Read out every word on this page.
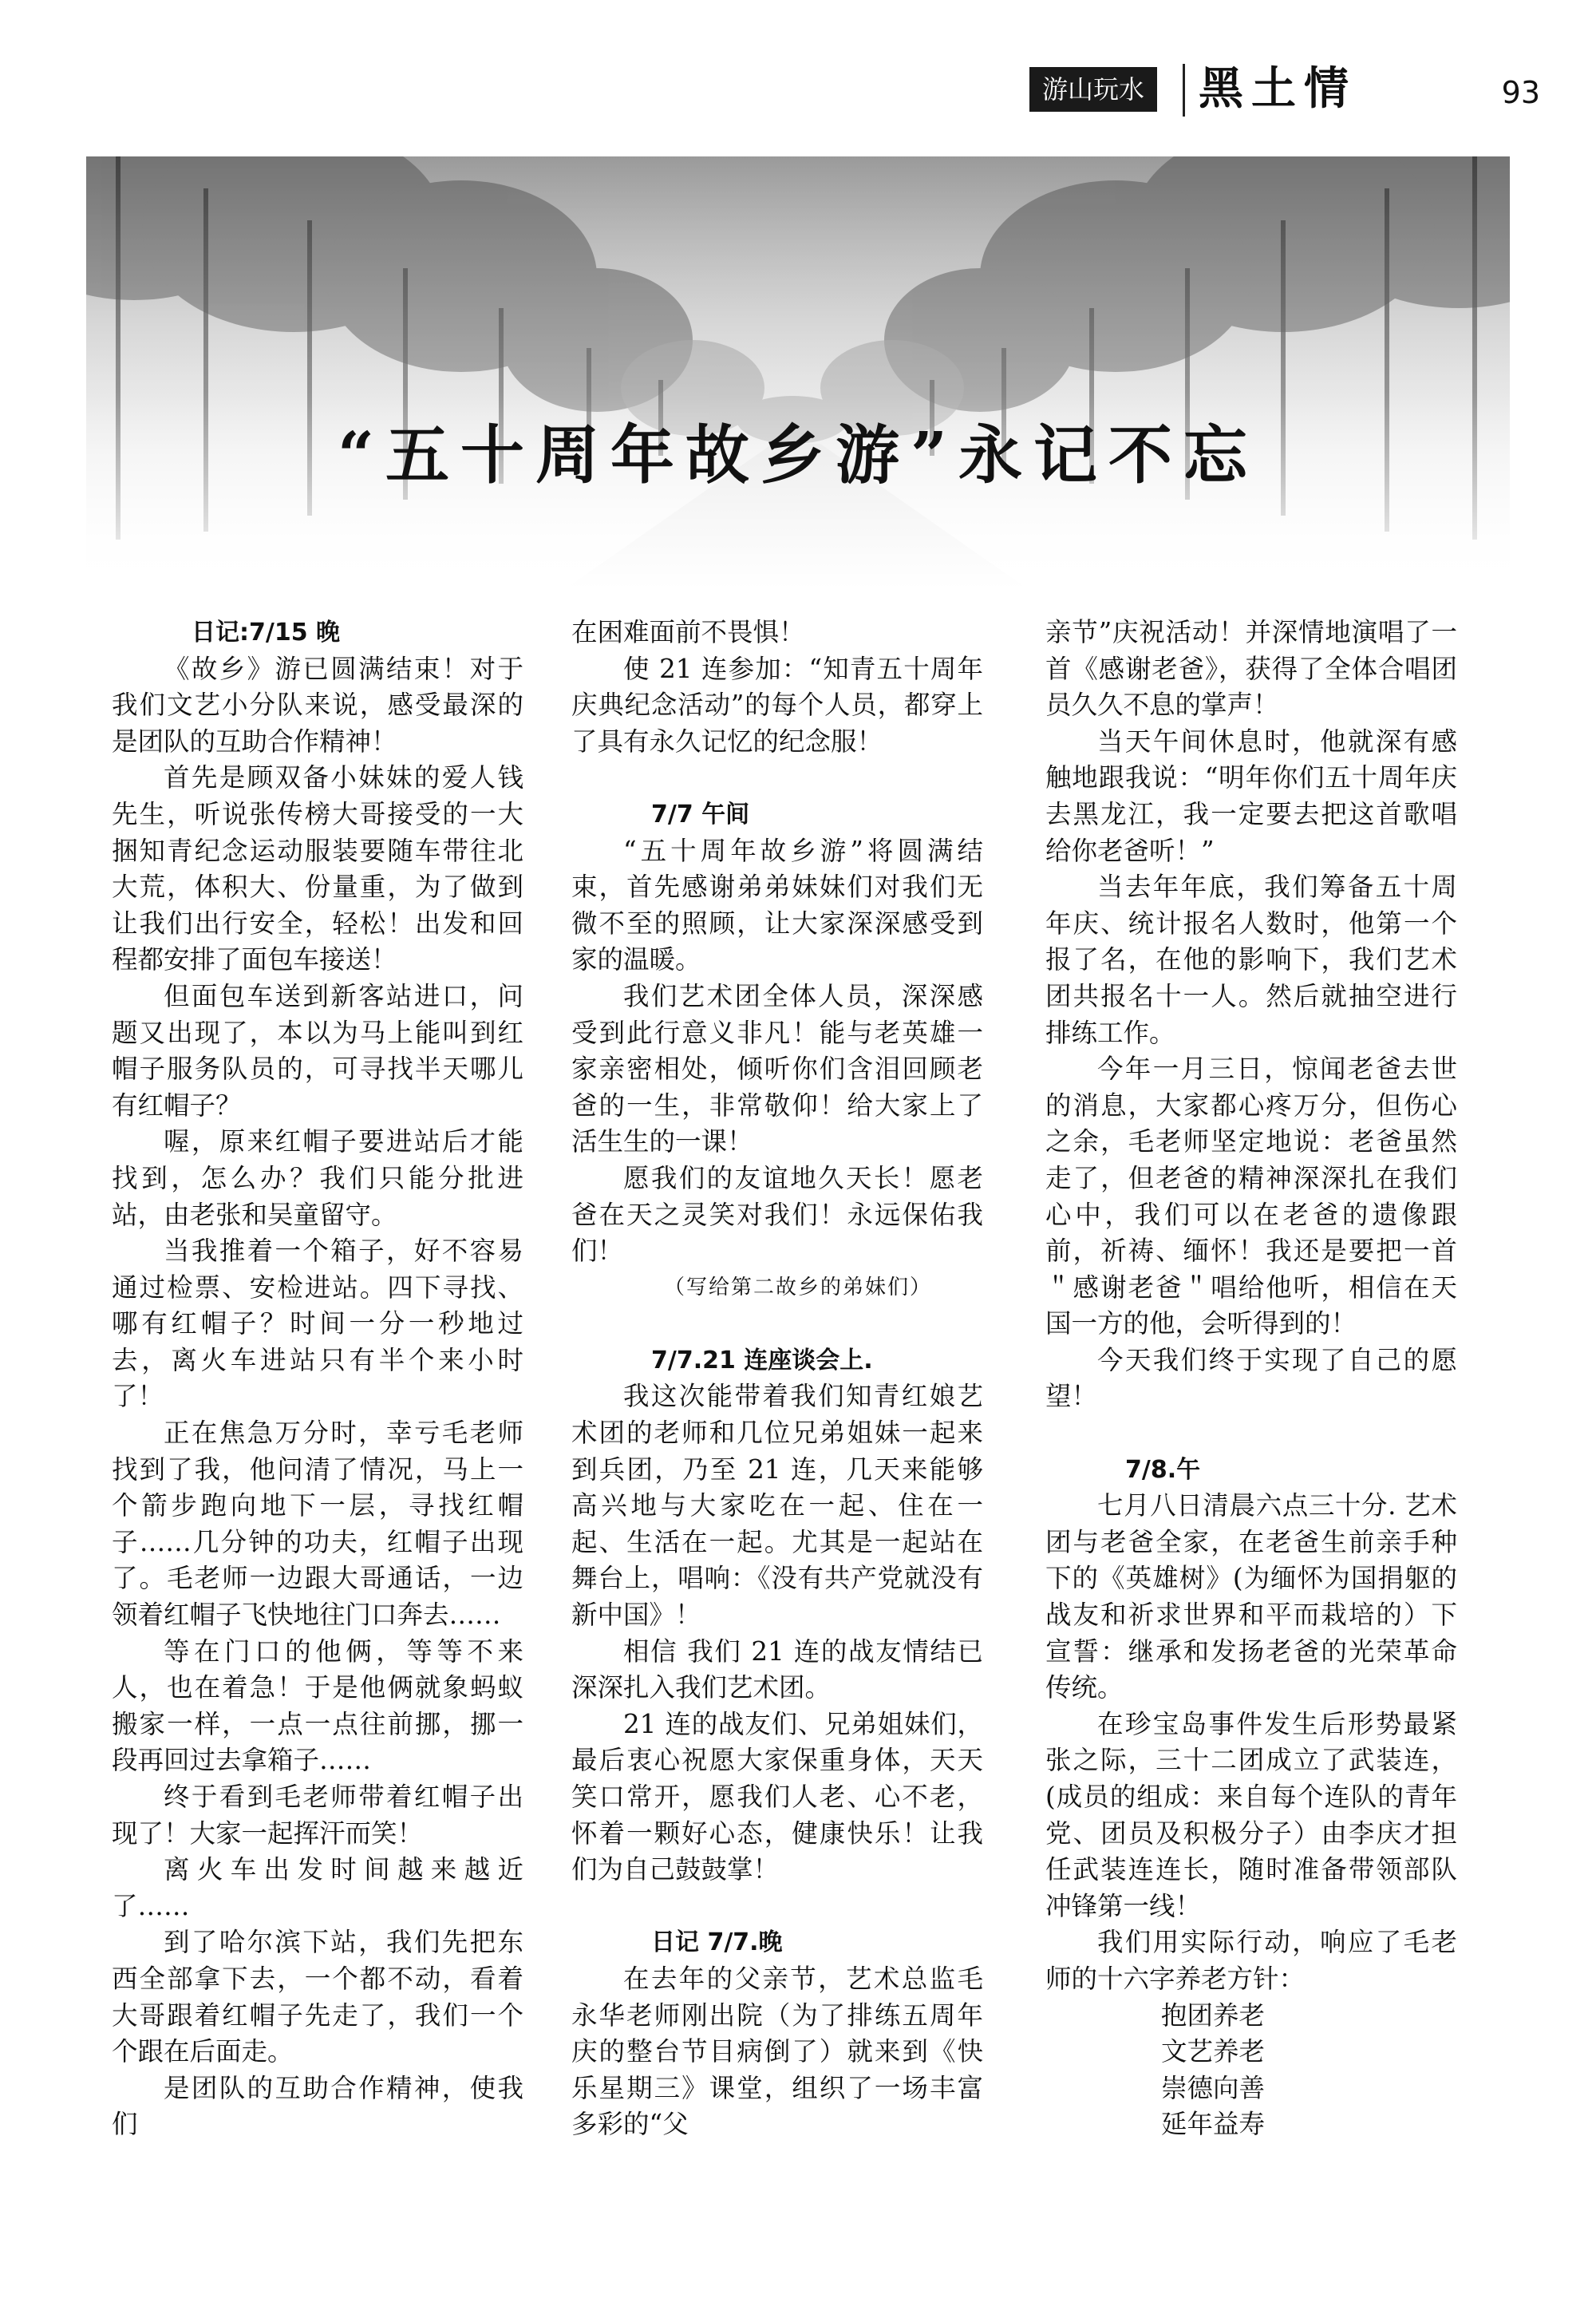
游山玩水 黑土情	93
“五十周年故乡游”永记不忘

日记:7/15 晚

《故乡》游已圆满结束！对于我们文艺小分队来说，感受最深的是团队的互助合作精神！

首先是顾双备小妹妹的爱人钱先生，听说张传榜大哥接受的一大捆知青纪念运动服装要随车带往北大荒，体积大、份量重，为了做到让我们出行安全，轻松！出发和回程都安排了面包车接送！

但面包车送到新客站进口，问题又出现了，本以为马上能叫到红帽子服务队员的，可寻找半天哪儿有红帽子？

喔，原来红帽子要进站后才能找到，怎么办？我们只能分批进站，由老张和吴童留守。

当我推着一个箱子，好不容易通过检票、安检进站。四下寻找、哪有红帽子？时间一分一秒地过去，离火车进站只有半个来小时了！

正在焦急万分时，幸亏毛老师找到了我，他问清了情况，马上一个箭步跑向地下一层，寻找红帽子……几分钟的功夫，红帽子出现了。毛老师一边跟大哥通话，一边领着红帽子飞快地往门口奔去……

等在门口的他俩，等等不来人，也在着急！于是他俩就象蚂蚁搬家一样，一点一点往前挪，挪一段再回过去拿箱子……

终于看到毛老师带着红帽子出现了！大家一起挥汗而笑！

离火车出发时间越来越近了……

到了哈尔滨下站，我们先把东西全部拿下去，一个都不动，看着大哥跟着红帽子先走了，我们一个个跟在后面走。

是团队的互助合作精神，使我们

在困难面前不畏惧！

使 21 连参加：“知青五十周年庆典纪念活动”的每个人员，都穿上了具有永久记忆的纪念服！

7/7 午间

“五十周年故乡游”将圆满结束，首先感谢弟弟妹妹们对我们无微不至的照顾，让大家深深感受到家的温暖。

我们艺术团全体人员，深深感受到此行意义非凡！能与老英雄一家亲密相处，倾听你们含泪回顾老爸的一生，非常敬仰！给大家上了活生生的一课！

愿我们的友谊地久天长！愿老爸在天之灵笑对我们！永远保佑我们！

（写给第二故乡的弟妹们）

7/7.21 连座谈会上.

我这次能带着我们知青红娘艺术团的老师和几位兄弟姐妹一起来到兵团，乃至 21 连，几天来能够高兴地与大家吃在一起、住在一起、生活在一起。尤其是一起站在舞台上，唱响：《没有共产党就没有新中国》！

相信 我们 21 连的战友情结已深深扎入我们艺术团。

21 连的战友们、兄弟姐妹们，最后衷心祝愿大家保重身体，天天笑口常开，愿我们人老、心不老，怀着一颗好心态，健康快乐！让我们为自己鼓鼓掌！

日记 7/7.晚

在去年的父亲节，艺术总监毛永华老师刚出院（为了排练五周年庆的整台节目病倒了）就来到《快乐星期三》课堂，组织了一场丰富多彩的“父

亲节”庆祝活动！并深情地演唱了一首《感谢老爸》，获得了全体合唱团员久久不息的掌声！

当天午间休息时，他就深有感触地跟我说：“明年你们五十周年庆去黑龙江，我一定要去把这首歌唱给你老爸听！”

当去年年底，我们筹备五十周年庆、统计报名人数时，他第一个报了名，在他的影响下，我们艺术团共报名十一人。然后就抽空进行排练工作。

今年一月三日，惊闻老爸去世的消息，大家都心疼万分，但伤心之余，毛老师坚定地说：老爸虽然走了，但老爸的精神深深扎在我们心中，我们可以在老爸的遗像跟前，祈祷、缅怀！我还是要把一首＂感谢老爸＂唱给他听，相信在天国一方的他，会听得到的！

今天我们终于实现了自己的愿望！

7/8.午

七月八日清晨六点三十分. 艺术团与老爸全家，在老爸生前亲手种下的《英雄树》(为缅怀为国捐躯的战友和祈求世界和平而栽培的）下宣誓：继承和发扬老爸的光荣革命传统。

在珍宝岛事件发生后形势最紧张之际，三十二团成立了武装连，(成员的组成：来自每个连队的青年党、团员及积极分子）由李庆才担任武装连连长，随时准备带领部队冲锋第一线！

我们用实际行动，响应了毛老师的十六字养老方针：

抱团养老

文艺养老

崇德向善

延年益寿
